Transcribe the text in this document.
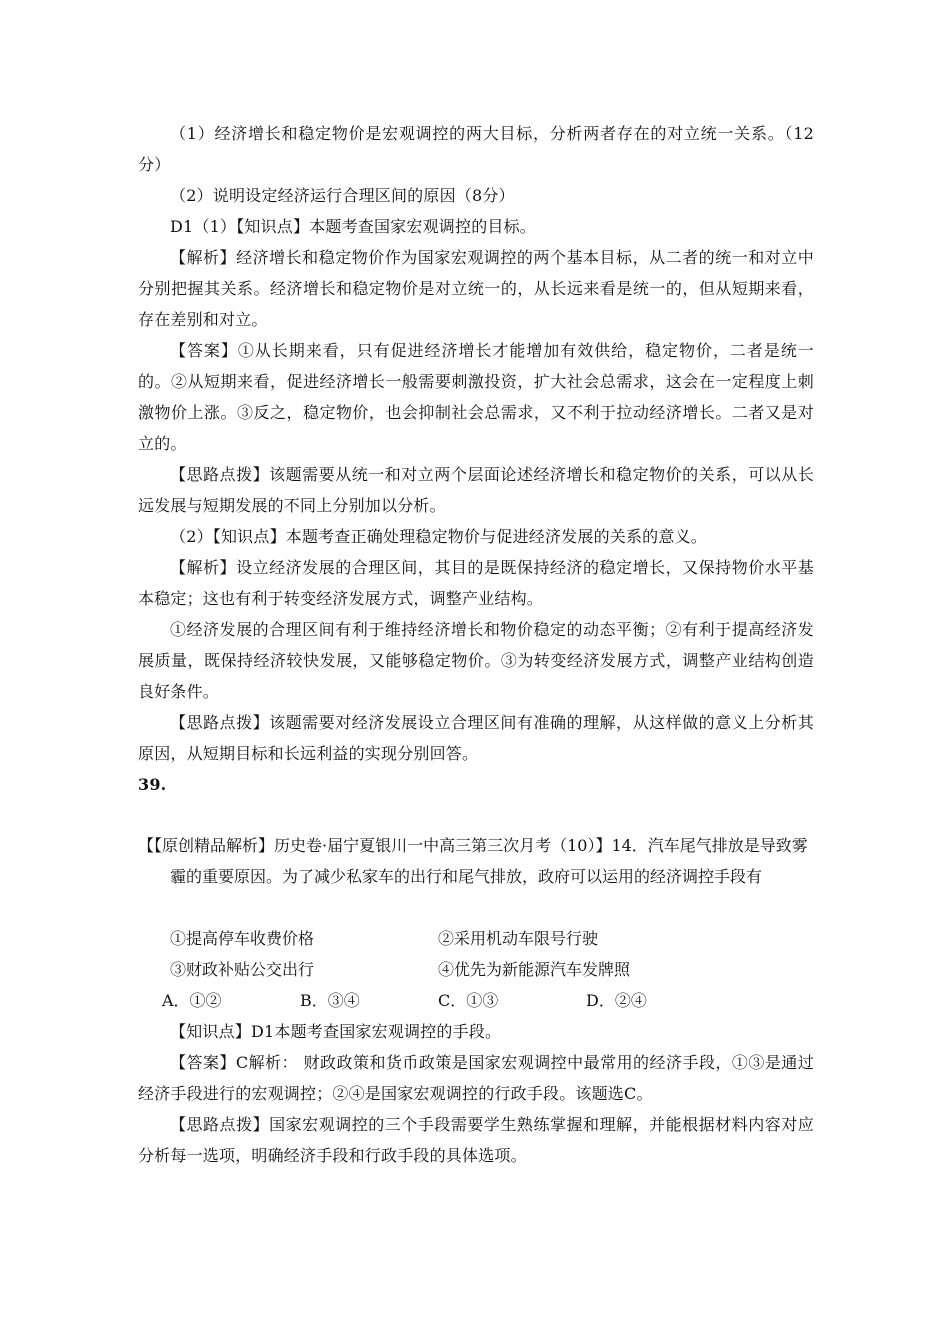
（1）经济增长和稳定物价是宏观调控的两大目标，分析两者存在的对立统一关系。（12分）

（2）说明设定经济运行合理区间的原因（8分）

D1（1）【知识点】本题考查国家宏观调控的目标。

【解析】经济增长和稳定物价作为国家宏观调控的两个基本目标，从二者的统一和对立中分别把握其关系。经济增长和稳定物价是对立统一的，从长远来看是统一的，但从短期来看，存在差别和对立。

【答案】①从长期来看，只有促进经济增长才能增加有效供给，稳定物价，二者是统一的。②从短期来看，促进经济增长一般需要刺激投资，扩大社会总需求，这会在一定程度上刺激物价上涨。③反之，稳定物价，也会抑制社会总需求，又不利于拉动经济增长。二者又是对立的。

【思路点拨】该题需要从统一和对立两个层面论述经济增长和稳定物价的关系，可以从长远发展与短期发展的不同上分别加以分析。

（2）【知识点】本题考查正确处理稳定物价与促进经济发展的关系的意义。

【解析】设立经济发展的合理区间，其目的是既保持经济的稳定增长，又保持物价水平基本稳定；这也有利于转变经济发展方式，调整产业结构。

①经济发展的合理区间有利于维持经济增长和物价稳定的动态平衡；②有利于提高经济发展质量，既保持经济较快发展，又能够稳定物价。③为转变经济发展方式，调整产业结构创造良好条件。

【思路点拨】该题需要对经济发展设立合理区间有准确的理解，从这样做的意义上分析其原因，从短期目标和长远利益的实现分别回答。

39.

【【原创精品解析】历史卷·届宁夏银川一中高三第三次月考（10）】14．汽车尾气排放是导致雾霾的重要原因。为了减少私家车的出行和尾气排放，政府可以运用的经济调控手段有

①提高停车收费价格	②采用机动车限号行驶
③财政补贴公交出行	④优先为新能源汽车发牌照
A．①②	B．③④	C．①③	D．②④

【知识点】D1本题考查国家宏观调控的手段。

【答案】C解析： 财政政策和货币政策是国家宏观调控中最常用的经济手段，①③是通过经济手段进行的宏观调控；②④是国家宏观调控的行政手段。该题选C。

【思路点拨】国家宏观调控的三个手段需要学生熟练掌握和理解，并能根据材料内容对应分析每一选项，明确经济手段和行政手段的具体选项。
